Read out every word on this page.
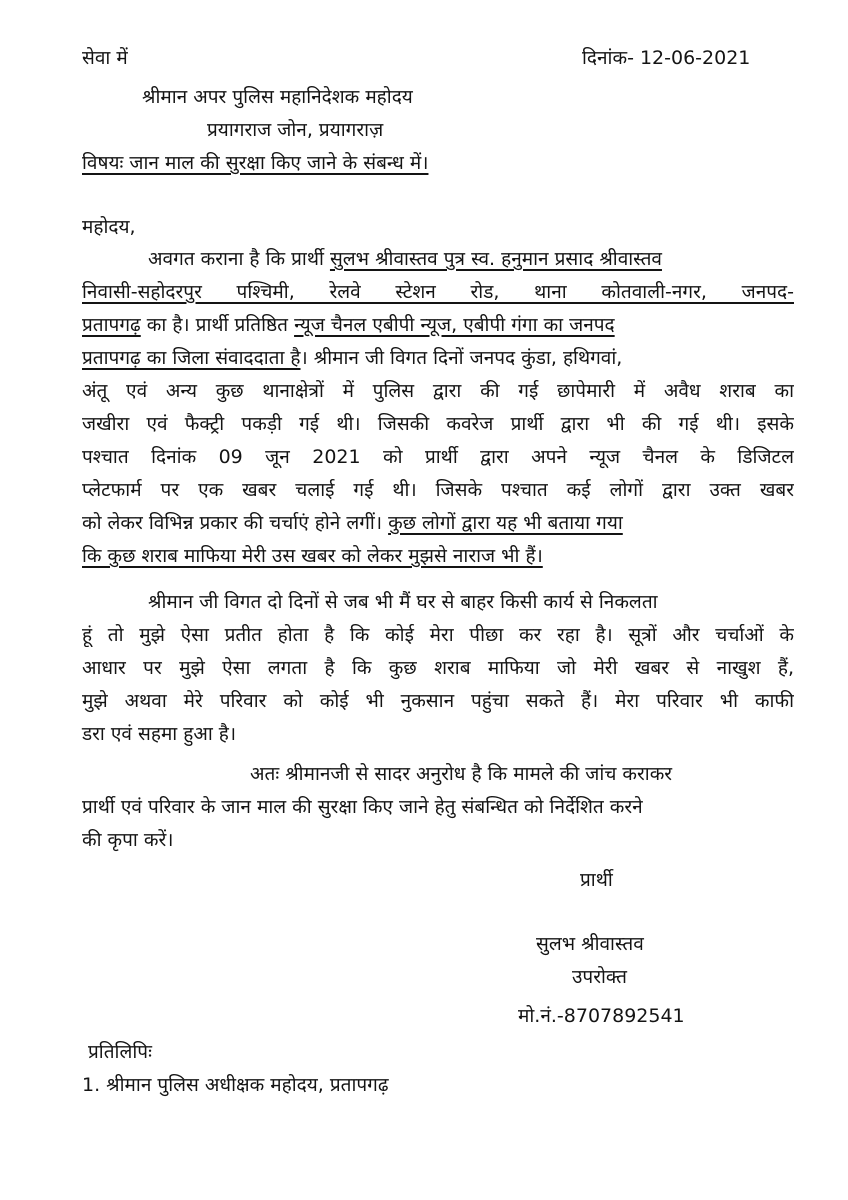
सेवा में	दिनांक- 12-06-2021
श्रीमान अपर पुलिस महानिदेशक महोदय
प्रयागराज जोन, प्रयागराज़
विषयः जान माल की सुरक्षा किए जाने के संबन्ध में।
महोदय,
अवगत कराना है कि प्रार्थी सुलभ श्रीवास्तव पुत्र स्व. हनुमान प्रसाद श्रीवास्तव
निवासी-सहोदरपुर पश्चिमी, रेलवे स्टेशन रोड, थाना कोतवाली-नगर, जनपद-
प्रतापगढ़ का है। प्रार्थी प्रतिष्ठित न्यूज चैनल एबीपी न्यूज, एबीपी गंगा का जनपद
प्रतापगढ़ का जिला संवाददाता है। श्रीमान जी विगत दिनों जनपद कुंडा, हथिगवां,
अंतू एवं अन्य कुछ थानाक्षेत्रों में पुलिस द्वारा की गई छापेमारी में अवैध शराब का
जखीरा एवं फैक्ट्री पकड़ी गई थी। जिसकी कवरेज प्रार्थी द्वारा भी की गई थी। इसके
पश्चात दिनांक 09 जून 2021 को प्रार्थी द्वारा अपने न्यूज चैनल के डिजिटल
प्लेटफार्म पर एक खबर चलाई गई थी। जिसके पश्चात कई लोगों द्वारा उक्त खबर
को लेकर विभिन्न प्रकार की चर्चाएं होने लगीं। कुछ लोगों द्वारा यह भी बताया गया
कि कुछ शराब माफिया मेरी उस खबर को लेकर मुझसे नाराज भी हैं।
श्रीमान जी विगत दो दिनों से जब भी मैं घर से बाहर किसी कार्य से निकलता
हूं तो मुझे ऐसा प्रतीत होता है कि कोई मेरा पीछा कर रहा है। सूत्रों और चर्चाओं के
आधार पर मुझे ऐसा लगता है कि कुछ शराब माफिया जो मेरी खबर से नाखुश हैं,
मुझे अथवा मेरे परिवार को कोई भी नुकसान पहुंचा सकते हैं। मेरा परिवार भी काफी
डरा एवं सहमा हुआ है।
अतः श्रीमानजी से सादर अनुरोध है कि मामले की जांच कराकर
प्रार्थी एवं परिवार के जान माल की सुरक्षा किए जाने हेतु संबन्धित को निर्देशित करने
की कृपा करें।
प्रार्थी
सुलभ श्रीवास्तव
उपरोक्त
मो.नं.-8707892541
प्रतिलिपिः
1. श्रीमान पुलिस अधीक्षक महोदय, प्रतापगढ़
